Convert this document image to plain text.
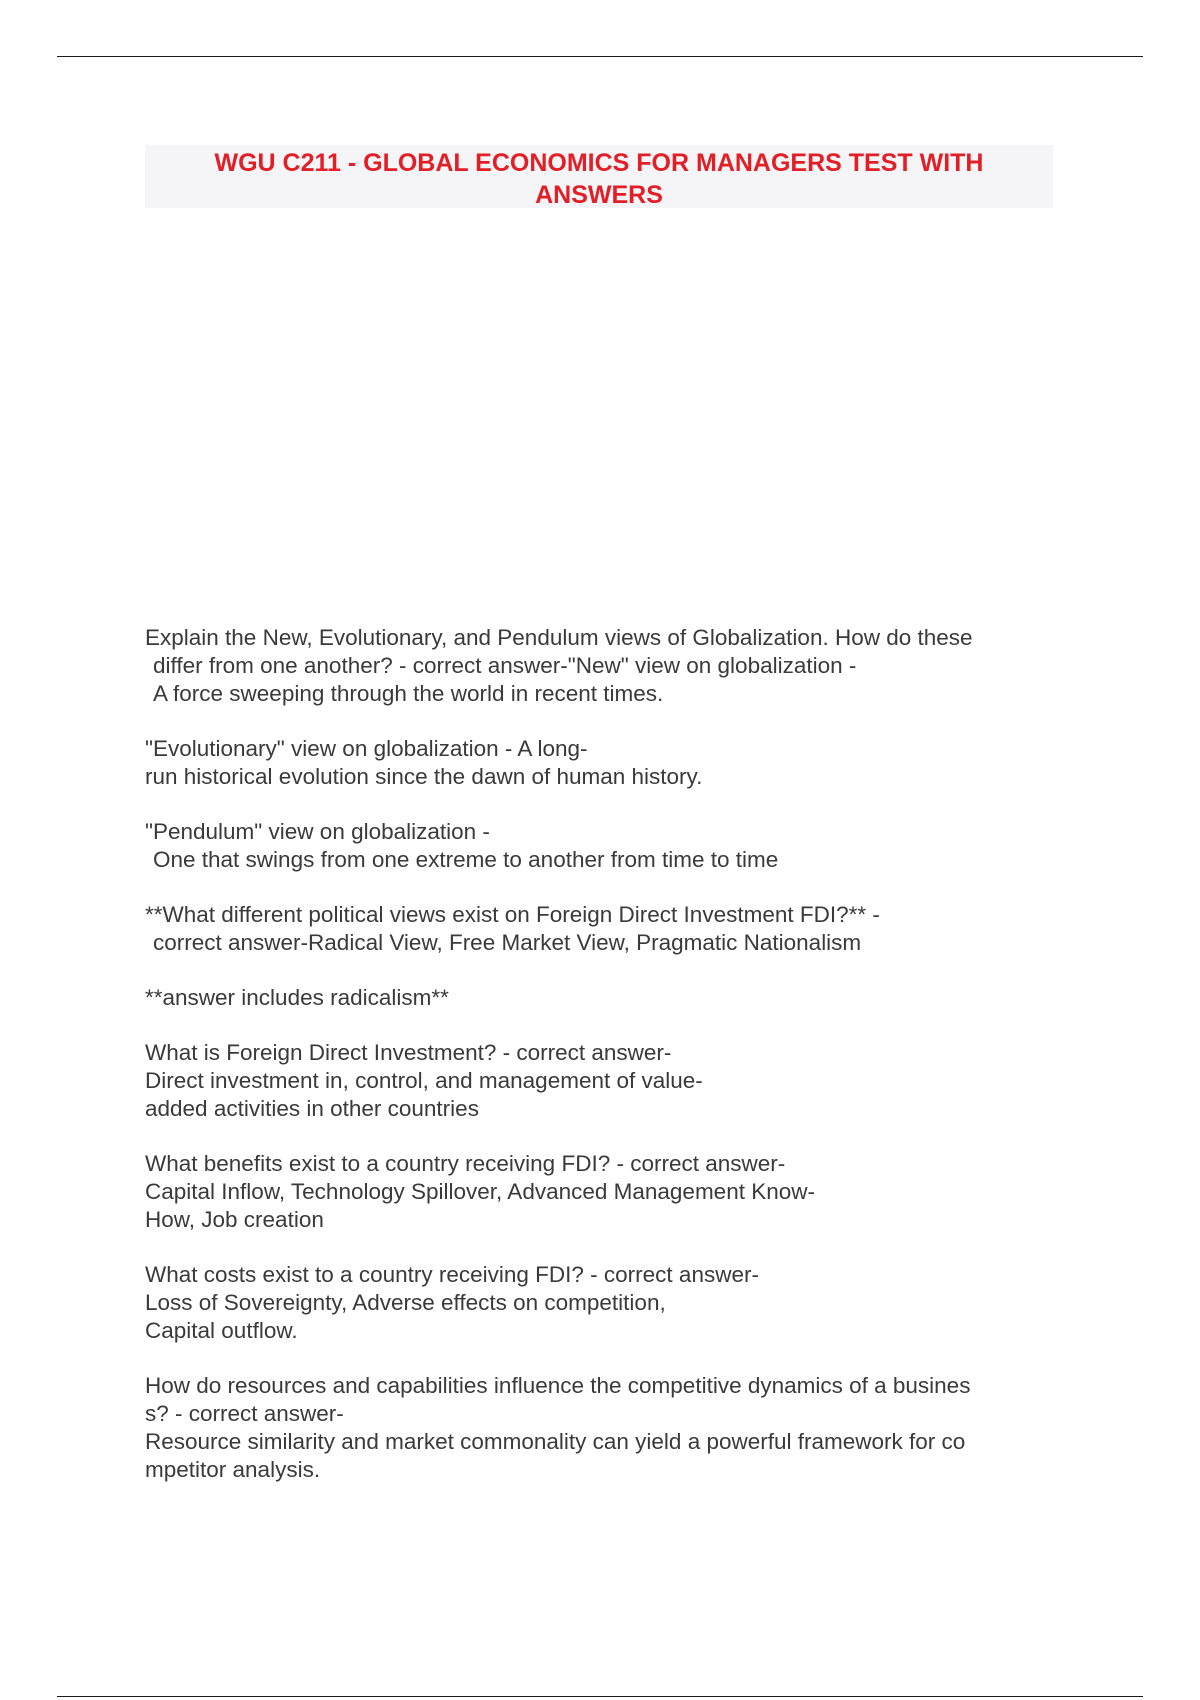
WGU C211 - GLOBAL ECONOMICS FOR MANAGERS TEST WITH
ANSWERS
Explain the New, Evolutionary, and Pendulum views of Globalization. How do these
differ from one another? - correct answer-"New" view on globalization -
A force sweeping through the world in recent times.
"Evolutionary" view on globalization - A long-
run historical evolution since the dawn of human history.
"Pendulum" view on globalization -
One that swings from one extreme to another from time to time
**What different political views exist on Foreign Direct Investment FDI?** -
correct answer-Radical View, Free Market View, Pragmatic Nationalism
**answer includes radicalism**
What is Foreign Direct Investment? - correct answer-
Direct investment in, control, and management of value-
added activities in other countries
What benefits exist to a country receiving FDI? - correct answer-
Capital Inflow, Technology Spillover, Advanced Management Know-
How, Job creation
What costs exist to a country receiving FDI? - correct answer-
Loss of Sovereignty, Adverse effects on competition,
Capital outflow.
How do resources and capabilities influence the competitive dynamics of a busines
s? - correct answer-
Resource similarity and market commonality can yield a powerful framework for co
mpetitor analysis.
